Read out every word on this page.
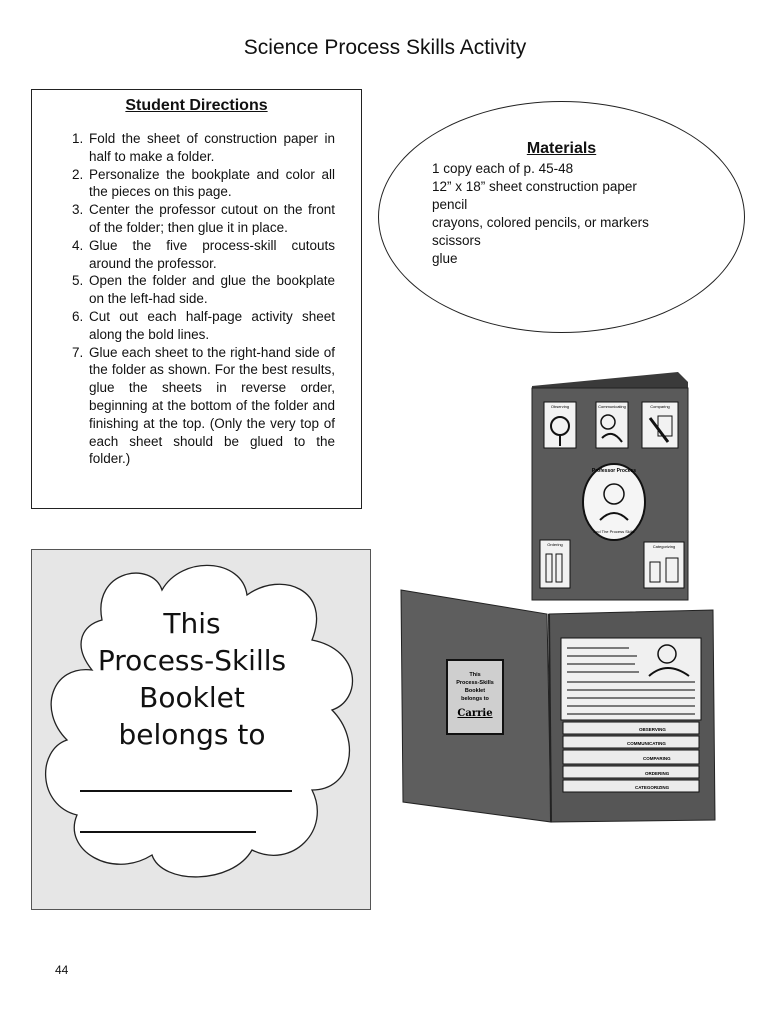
Science Process Skills Activity
Student Directions
1. Fold the sheet of construction paper in half to make a folder.
2. Personalize the bookplate and color all the pieces on this page.
3. Center the professor cutout on the front of the folder; then glue it in place.
4. Glue the five process-skill cutouts around the professor.
5. Open the folder and glue the bookplate on the left-had side.
6. Cut out each half-page activity sheet along the bold lines.
7. Glue each sheet to the right-hand side of the folder as shown. For the best results, glue the sheets in reverse order, beginning at the bottom of the folder and finishing at the top. (Only the very top of each sheet should be glued to the folder.)
Materials
1 copy each of p. 45-48
12” x 18” sheet construction paper
pencil
crayons, colored pencils, or markers
scissors
glue
Observing	Communicating	Comparing
Professor Process
And The Process Skills
Ordering	Categorizing
This
Process-Skills
Booklet
belongs to
Carrie
OBSERVING
COMMUNICATING
COMPARING
ORDERING
CATEGORIZING
This
Process-Skills
Booklet
belongs to
44
